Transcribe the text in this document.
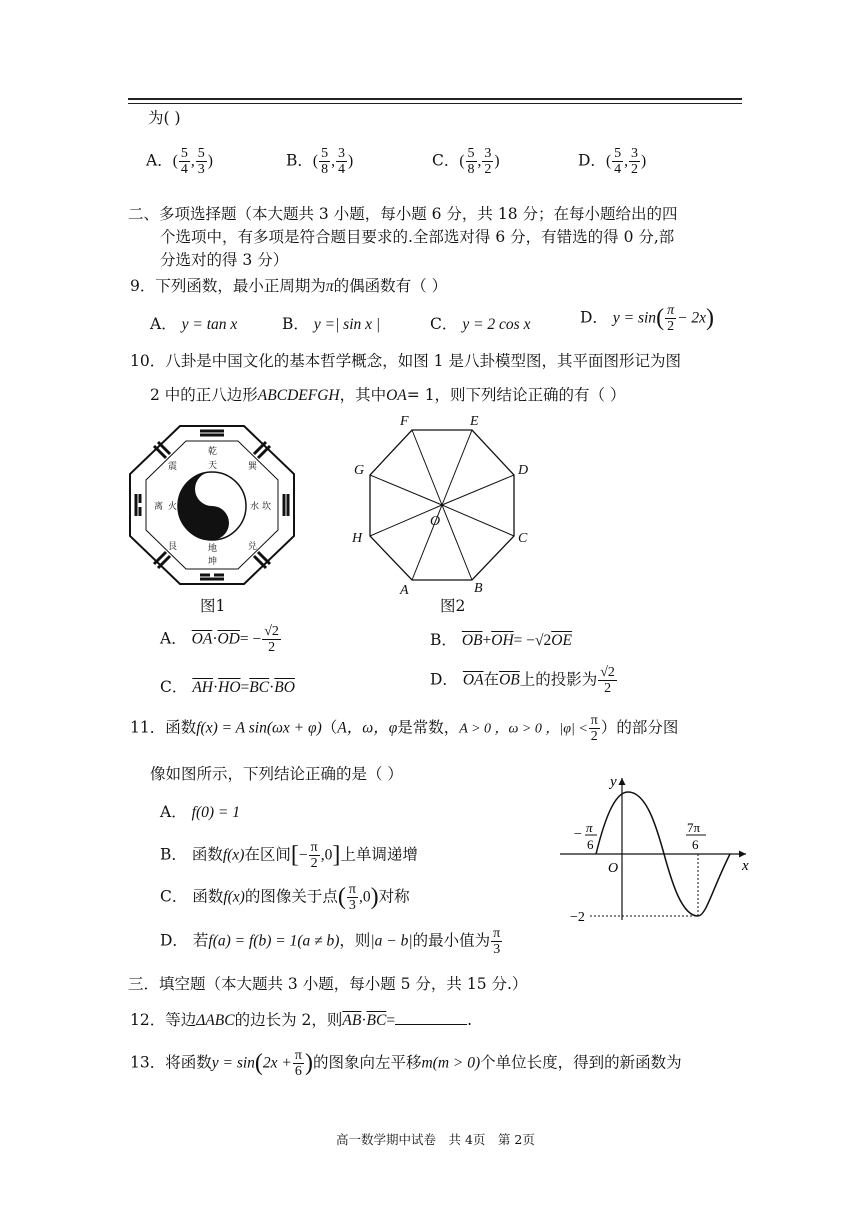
为( )
A．( $\frac{5}{4}$ , $\frac{5}{3}$ )	B．( $\frac{5}{8}$ , $\frac{3}{4}$ )	C．( $\frac{5}{8}$ , $\frac{3}{2}$ )	D．( $\frac{5}{4}$ , $\frac{3}{2}$ )
二、多项选择题（本大题共 3 小题，每小题 6 分，共 18 分；在每小题给出的四
个选项中，有多项是符合题目要求的.全部选对得 6 分，有错选的得 0 分,部
分选对的得 3 分）
9．下列函数，最小正周期为π的偶函数有（ ）
A． y = tan x	B． y =| sin x |	C． y = 2 cos x	D． $y = \sin( \frac{\pi}{2} - 2x)$
10．八卦是中国文化的基本哲学概念，如图 1 是八卦模型图，其平面图形记为图
2 中的正八边形ABCDEFGH，其中OA= 1，则下列结论正确的有（ ）
乾
坤
离	坎
震	巽
艮	兑
天
地
火	水
图1
A	B
C
D
E
F
G
H
O
图2
A． $\overline{OA}\cdot\overline{OD}= - \frac{√2}{2}$	B． $\overline{OB}+\overline{OH}= -√2\overline{OE}$
C． $\overline{AH}\cdot\overline{HO}=\overline{BC}\cdot\overline{BO}$	D． $\overline{OA}$在$\overline{OB}$上的投影为 $\frac{√2}{2}$
11．函数f(x) = A sin(ωx + φ)（A，ω，φ是常数，A > 0 ，ω > 0 ，$|\varphi| < \frac{\pi}{2}$ ）的部分图
像如图所示，下列结论正确的是（ ）
A． f(0) = 1
B． 函数f(x)在区间[− $\frac{\pi}{2} ,0$]上单调递增
C． 函数f(x)的图像关于点( $\frac{\pi}{3} ,0$)对称
D． 若f(a) = f(b) = 1(a ≠ b)，则|a − b|的最小值为 $\frac{\pi}{3}$
y
x
O
− π
6
7π
6
−2
三．填空题（本大题共 3 小题，每小题 5 分，共 15 分.）
12．等边ΔABC的边长为 2，则$\overline{AB}\cdot\overline{BC}=$	.
13．将函数$y = \sin(2x + \frac{\pi}{6}$ )的图象向左平移m(m > 0)个单位长度，得到的新函数为
高一数学期中试卷　共 4页　第 2页
